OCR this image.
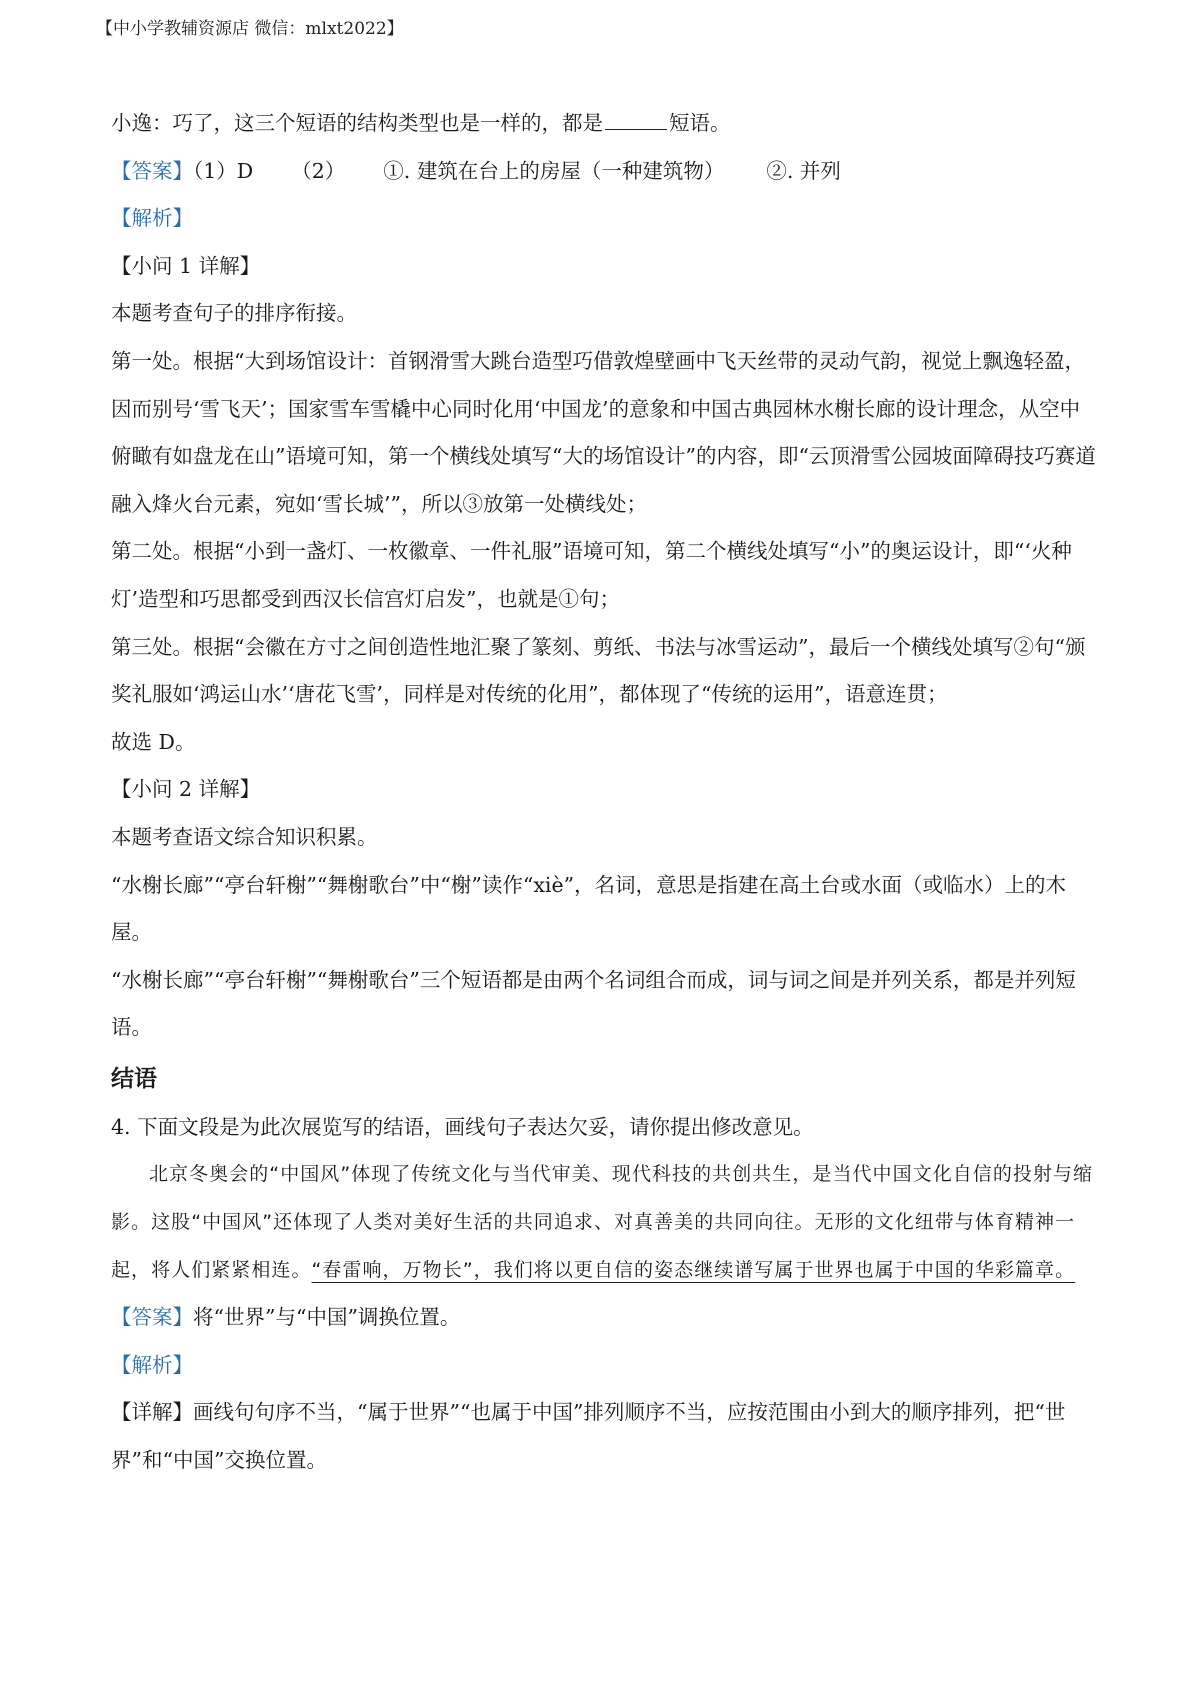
【中小学教辅资源店 微信：mlxt2022】
小逸：巧了，这三个短语的结构类型也是一样的，都是	短语。
【答案】（1）D （2） ①. 建筑在台上的房屋（一种建筑物） ②. 并列
【解析】
【小问 1 详解】
本题考查句子的排序衔接。
第一处。根据“大到场馆设计：首钢滑雪大跳台造型巧借敦煌壁画中飞天丝带的灵动气韵，视觉上飘逸轻盈，因而别号‘雪飞天’；国家雪车雪橇中心同时化用‘中国龙’的意象和中国古典园林水榭长廊的设计理念，从空中俯瞰有如盘龙在山”语境可知，第一个横线处填写“大的场馆设计”的内容，即“云顶滑雪公园坡面障碍技巧赛道融入烽火台元素，宛如‘雪长城’”，所以③放第一处横线处；
第二处。根据“小到一盏灯、一枚徽章、一件礼服”语境可知，第二个横线处填写“小”的奥运设计，即“‘火种灯’造型和巧思都受到西汉长信宫灯启发”，也就是①句；
第三处。根据“会徽在方寸之间创造性地汇聚了篆刻、剪纸、书法与冰雪运动”，最后一个横线处填写②句“颁奖礼服如‘鸿运山水’‘唐花飞雪’，同样是对传统的化用”，都体现了“传统的运用”，语意连贯；
故选 D。
【小问 2 详解】
本题考查语文综合知识积累。
“水榭长廊”“亭台轩榭”“舞榭歌台”中“榭”读作“xiè”，名词，意思是指建在高土台或水面（或临水）上的木屋。
“水榭长廊”“亭台轩榭”“舞榭歌台”三个短语都是由两个名词组合而成，词与词之间是并列关系，都是并列短语。
结语
4. 下面文段是为此次展览写的结语，画线句子表达欠妥，请你提出修改意见。
北京冬奥会的“中国风”体现了传统文化与当代审美、现代科技的共创共生，是当代中国文化自信的投射与缩影。这股“中国风”还体现了人类对美好生活的共同追求、对真善美的共同向往。无形的文化纽带与体育精神一起，将人们紧紧相连。“春雷响，万物长”，我们将以更自信的姿态继续谱写属于世界也属于中国的华彩篇章。
【答案】将“世界”与“中国”调换位置。
【解析】
【详解】画线句句序不当，“属于世界”“也属于中国”排列顺序不当，应按范围由小到大的顺序排列，把“世界”和“中国”交换位置。
